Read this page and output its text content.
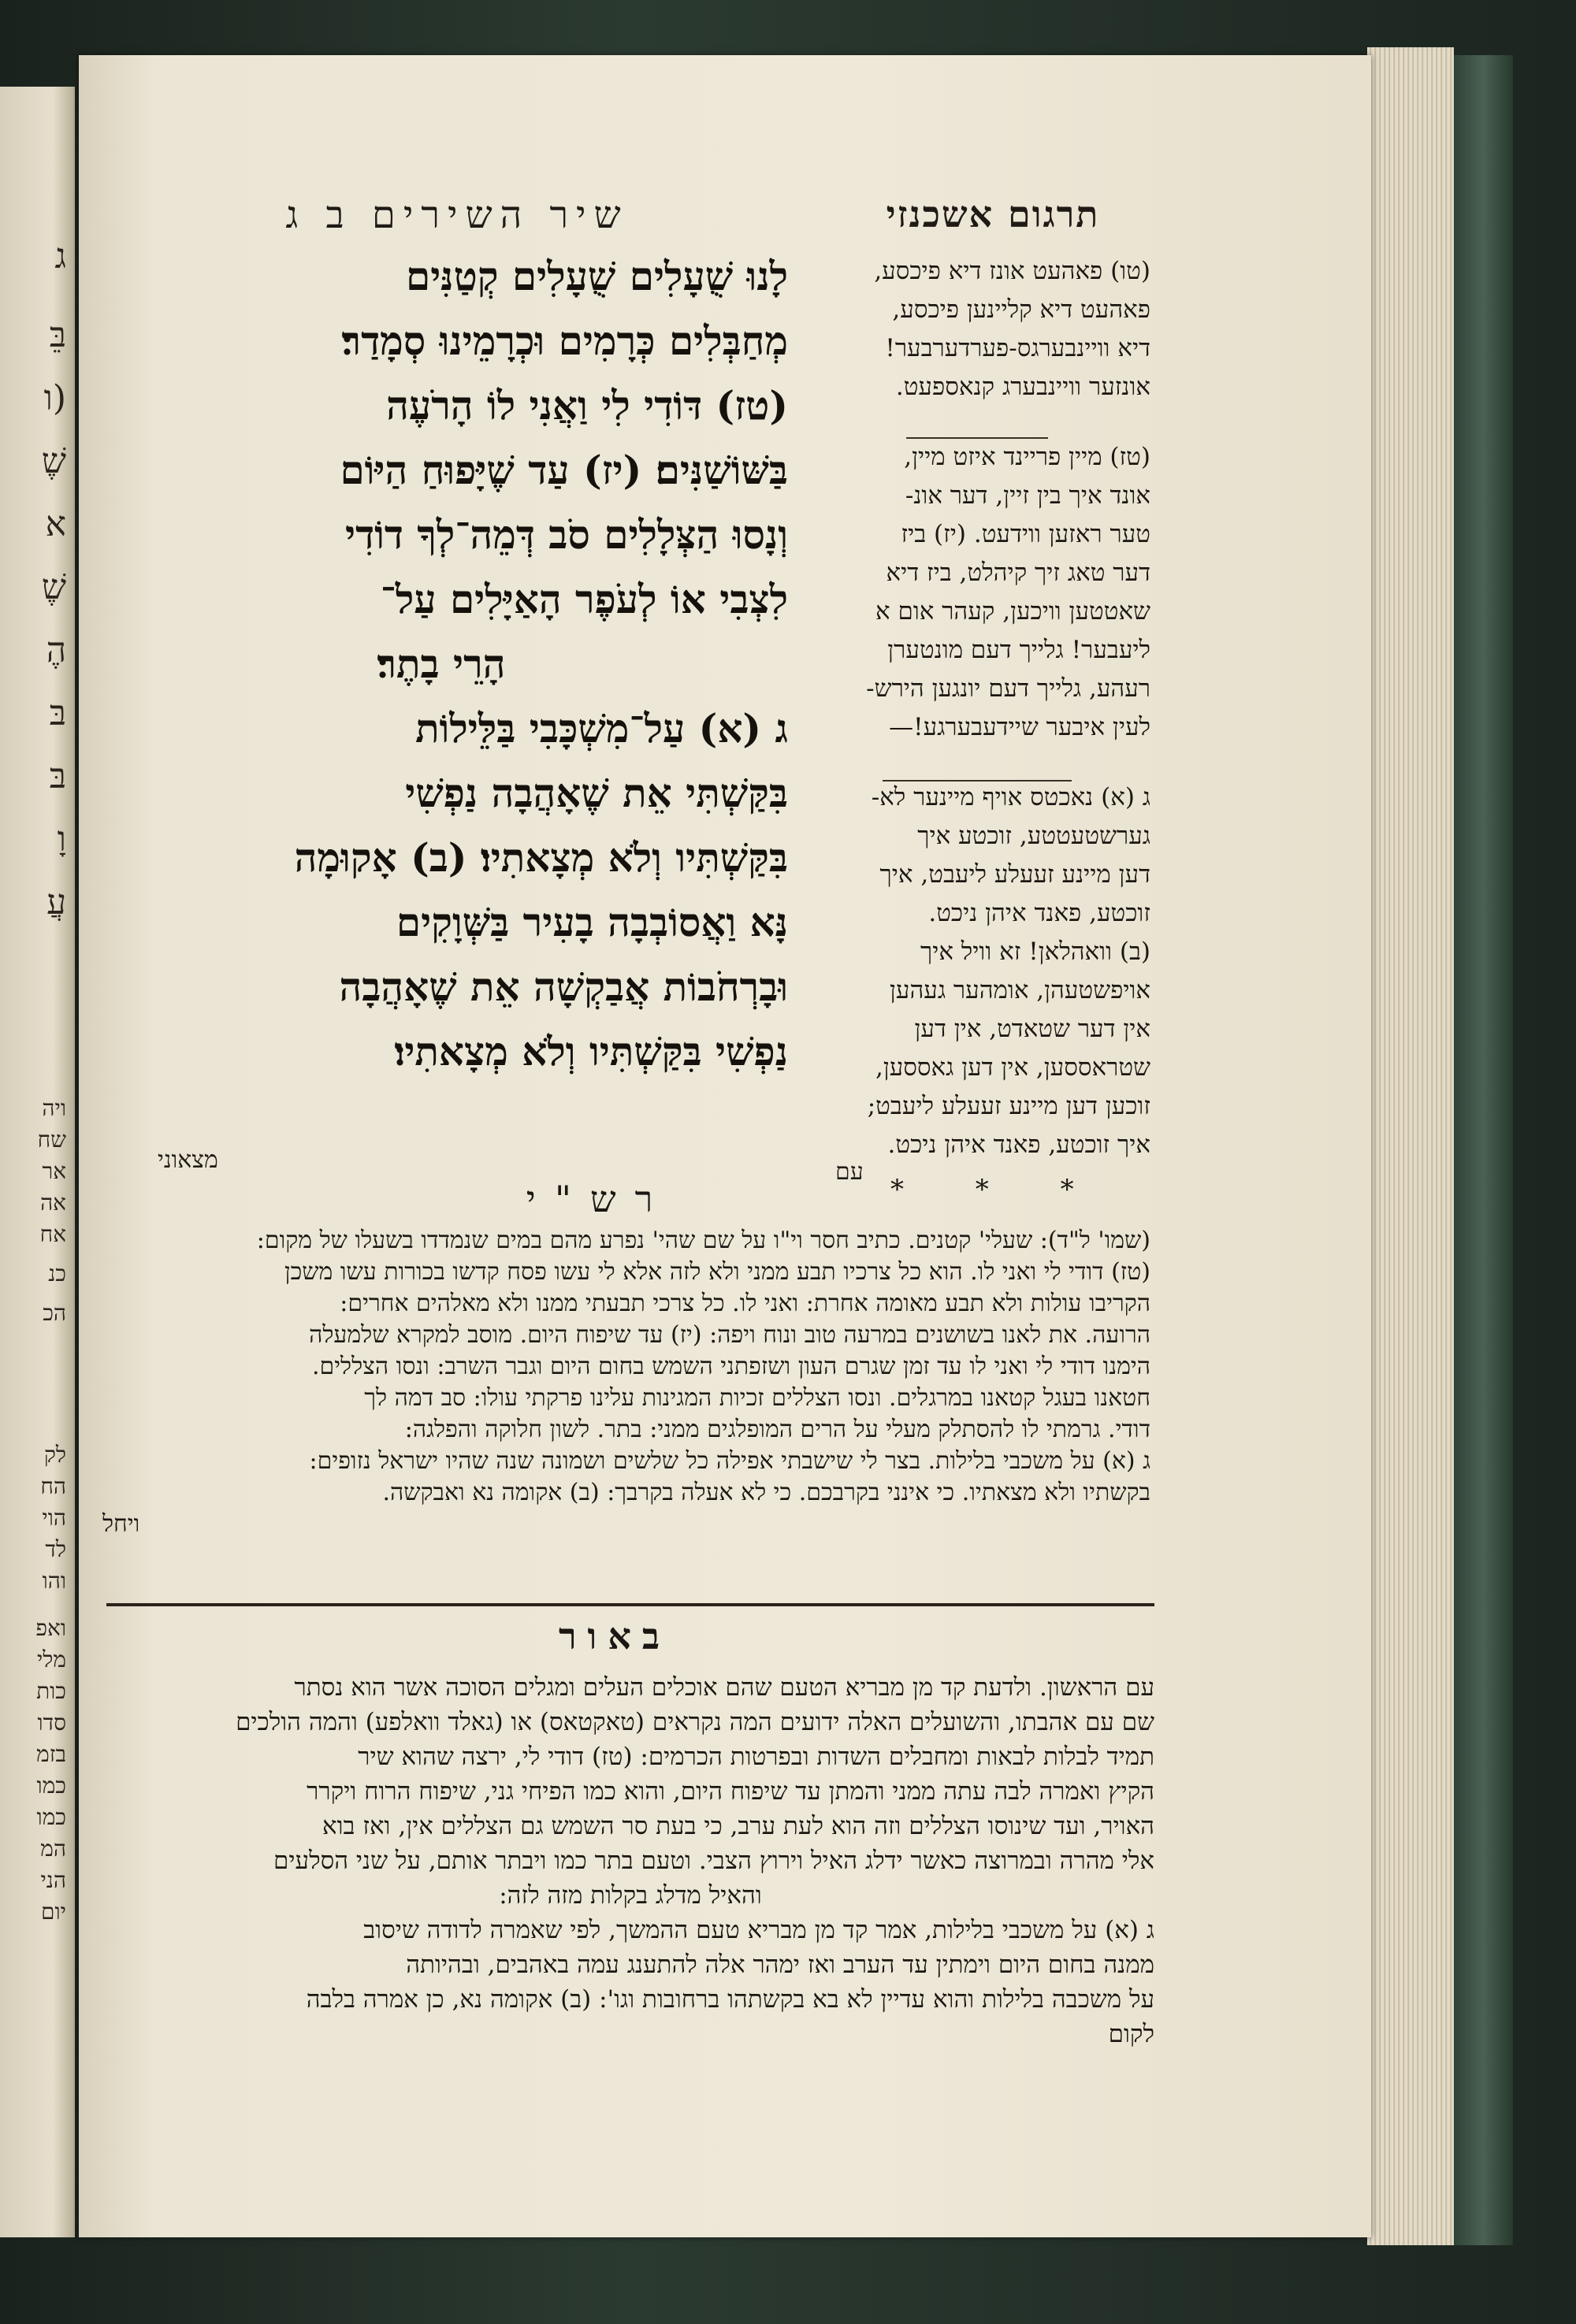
ג
בֵּ
(ו
שֶׁ
א
שֶׁ
הֶ
בּ
בּ
וָ
עֲ
ויה
שח
אר
אה
אח
כנ
הכ
לק
הח
הוי
לד
והו
ואפ
מלי
כות
סדו
בזמ
כמו
כמו
המ
הני
יום
תרגום אשכנזי
שיר השירים ב ג
לָנוּ שֻׁעָלִים שֻׁעָלִים קְטַנִּים
מְחַבְּלִים כְּרָמִים וּכְרָמֵינוּ סְמָדַר׃
(טז) דּוֹדִי לִי וַאֲנִי לוֹ הָרֹעֶה
בַּשּׁוֹשַׁנִּים׃ (יז) עַד שֶׁיָּפוּחַ הַיּוֹם
וְנָסוּ הַצְּלָלִים סֹב דְּמֵה־לְךָ דוֹדִי
לִצְבִי אוֹ לְעֹפֶר הָאַיָּלִים עַל־
הָרֵי בָתֶר׃
ג (א) עַל־מִשְׁכָּבִי בַּלֵּילוֹת
בִּקַּשְׁתִּי אֵת שֶׁאָהֲבָה נַפְשִׁי
בִּקַּשְׁתִּיו וְלֹא מְצָאתִיו׃ (ב) אָקוּמָה
נָּא וַאֲסוֹבְבָה בָעִיר בַּשְּׁוָקִים
וּבָרְחֹבוֹת אֲבַקְשָׁה אֵת שֶׁאָהֲבָה
נַפְשִׁי בִּקַּשְׁתִּיו וְלֹא מְצָאתִיו׃
מצאוני
(טו) פאהעט אונז דיא פיכסע,
פאהעט דיא קליינען פיכסע,
דיא וויינבערגס-פערדערבער!
אונזער וויינבערג קנאספעט.
(טז) מיין פריינד איזט מיין,
אונד איך בין זיין, דער אונ-
טער ראזען ווידעט. (יז) ביז
דער טאג זיך קיהלט, ביז דיא
שאטטען וויכען, קעהר אום א
ליעבער! גלייך דעם מונטערן
רעהע, גלייך דעם יונגען הירש-
לעין איבער שיידעבערגע!—
ג (א) נאכטס אויף מיינער לא-
גערשטעטטע, זוכטע איך
דען מיינע זעעלע ליעבט, איך
זוכטע, פאנד איהן ניכט.
(ב) וואהלאן! זא וויל איך
אויפשטעהן, אומהער געהען
אין דער שטאדט, אין דען
שטראססען, אין דען גאססען,
זוכען דען מיינע זעעלע ליעבט;
איך זוכטע, פאנד איהן ניכט.
* * *
עם
רש"י
(שמו' ל"ד): שעלי' קטנים. כתיב חסר וי"ו על שם שהי' נפרע מהם במים שנמדדו בשעלו של מקום:
(טז) דודי לי ואני לו. הוא כל צרכיו תבע ממני ולא לזה אלא לי עשו פסח קדשו בכורות עשו משכן
הקריבו עולות ולא תבע מאומה אחרת: ואני לו. כל צרכי תבעתי ממנו ולא מאלהים אחרים:
הרועה. את לאנו בשושנים במרעה טוב ונוח ויפה: (יז) עד שיפוח היום. מוסב למקרא שלמעלה
הימנו דודי לי ואני לו עד זמן שגרם העון ושזפתני השמש בחום היום וגבר השרב: ונסו הצללים.
חטאנו בעגל קטאנו במרגלים. ונסו הצללים זכיות המגינות עלינו פרקתי עולו: סב דמה לך
דודי. גרמתי לו להסתלק מעלי על הרים המופלגים ממני: בתר. לשון חלוקה והפלגה:
ג (א) על משכבי בלילות. בצר לי שישבתי אפילה כל שלשים ושמונה שנה שהיו ישראל נזופים:
בקשתיו ולא מצאתיו. כי אינני בקרבכם. כי לא אעלה בקרבך: (ב) אקומה נא ואבקשה.
ויחל
באור
עם הראשון. ולדעת קד מן מבריא הטעם שהם אוכלים העלים ומגלים הסוכה אשר הוא נסתר
שם עם אהבתו, והשועלים האלה ידועים המה נקראים (טאקטאס) או (גאלד וואלפע) והמה הולכים
תמיד לבלות לבאות ומחבלים השדות ובפרטות הכרמים: (טז) דודי לי, ירצה שהוא שיר
הקיץ ואמרה לבה עתה ממני והמתן עד שיפוח היום, והוא כמו הפיחי גני, שיפוח הרוח ויקרר
האויר, ועד שינוסו הצללים וזה הוא לעת ערב, כי בעת סר השמש גם הצללים אין, ואז בוא
אלי מהרה ובמרוצה כאשר ידלג האיל וירוץ הצבי. וטעם בתר כמו ויבתר אותם, על שני הסלעים
והאיל מדלג בקלות מזה לזה:
ג (א) על משכבי בלילות, אמר קד מן מבריא טעם ההמשך, לפי שאמרה לדודה שיסוב
ממנה בחום היום וימתין עד הערב ואז ימהר אלה להתענג עמה באהבים, ובהיותה
על משכבה בלילות והוא עדיין לא בא בקשתהו ברחובות וגו': (ב) אקומה נא, כן אמרה בלבה
לקום
